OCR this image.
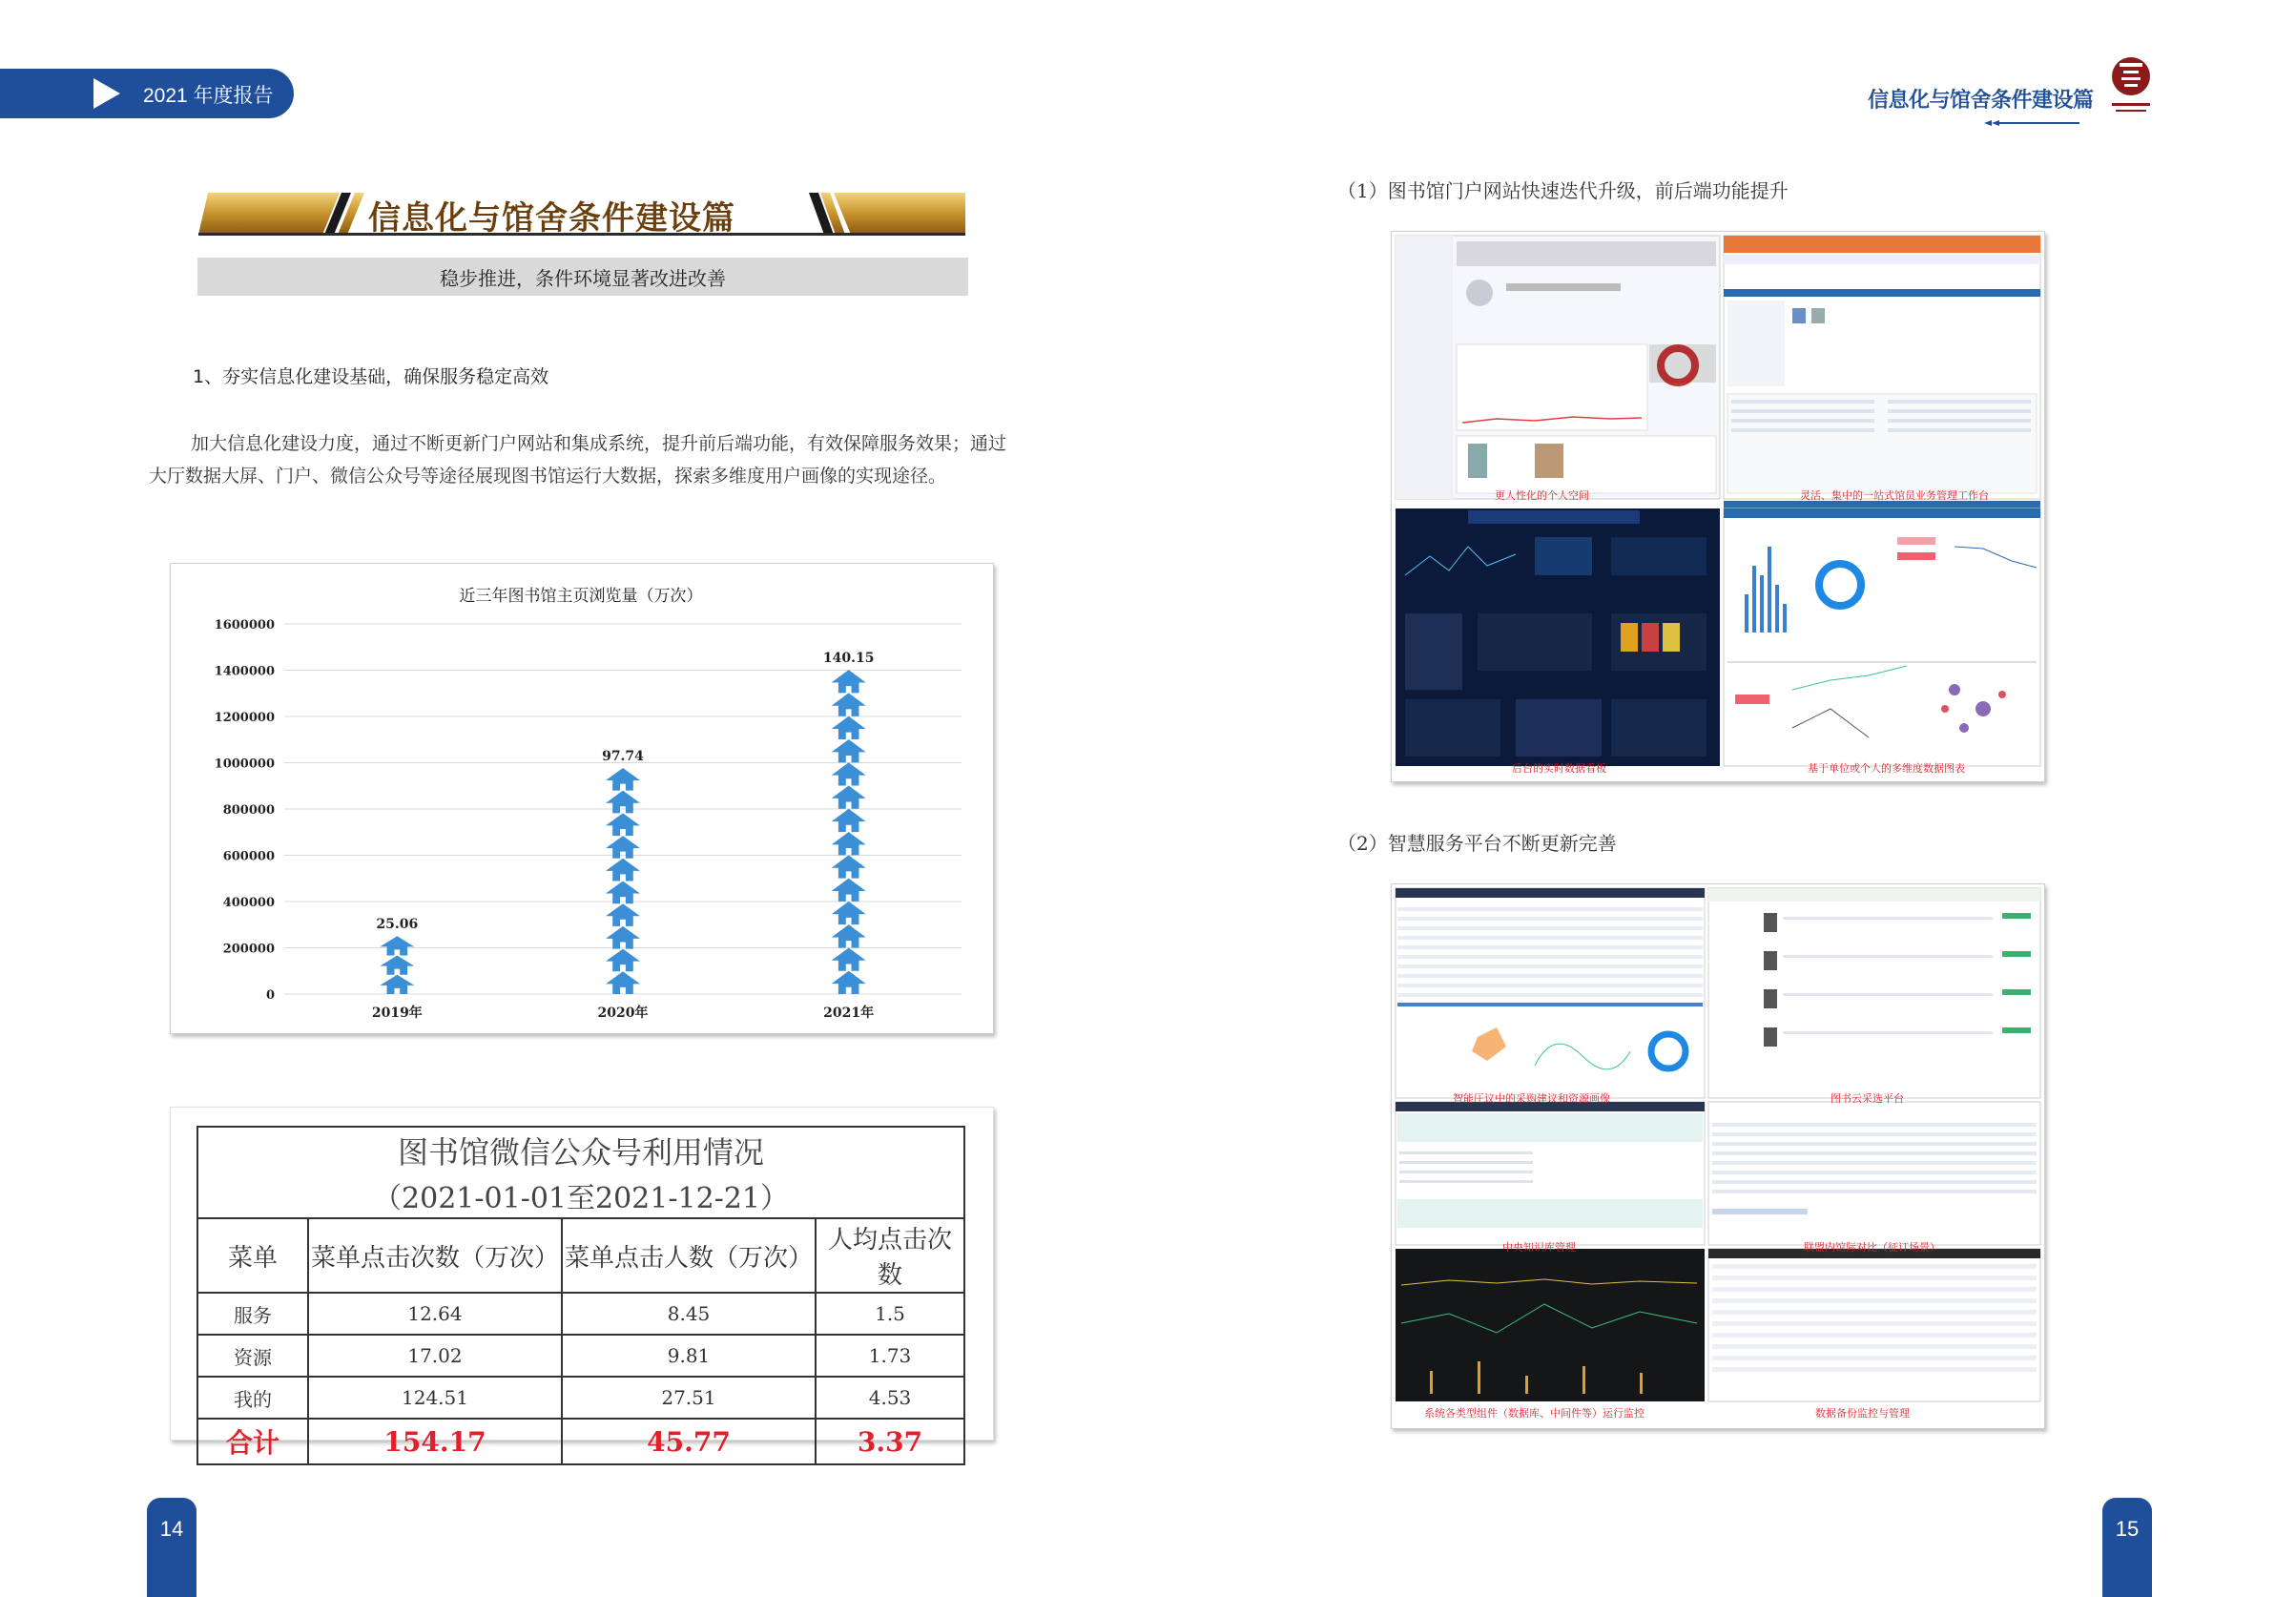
2021 年度报告	信息化与馆舍条件建设篇
信息化与馆舍条件建设篇
稳步推进，条件环境显著改进改善
1、夯实信息化建设基础，确保服务稳定高效
加大信息化建设力度，通过不断更新门户网站和集成系统，提升前后端功能，有效保障服务效果；通过大厅数据大屏、门户、微信公众号等途径展现图书馆运行大数据，探索多维度用户画像的实现途径。
近三年图书馆主页浏览量（万次）
0
200000
400000
600000
800000
1000000
1200000
1400000
1600000
25.06
97.74
140.15
2019年	2020年	2021年
图书馆微信公众号利用情况			
（2021-01-01至2021-12-21）			
菜单	菜单点击次数（万次）	菜单点击人数（万次）	人均点击次数
服务	12.64	8.45	1.5
资源	17.02	9.81	1.73
我的	124.51	27.51	4.53
合计	154.17	45.77	3.37
（1）图书馆门户网站快速迭代升级，前后端功能提升
更人性化的个人空间	灵活、集中的一站式馆员业务管理工作台
后台的实时数据看板	基于单位或个人的多维度数据图表
（2）智慧服务平台不断更新完善
智能圧议中的采购建议和资源画像	图书云采选平台
中央知识库管理	联盟内馆际对比（征订场景）
系统各类型组件（数据库、中间件等）运行监控	数据备份监控与管理
14	15
